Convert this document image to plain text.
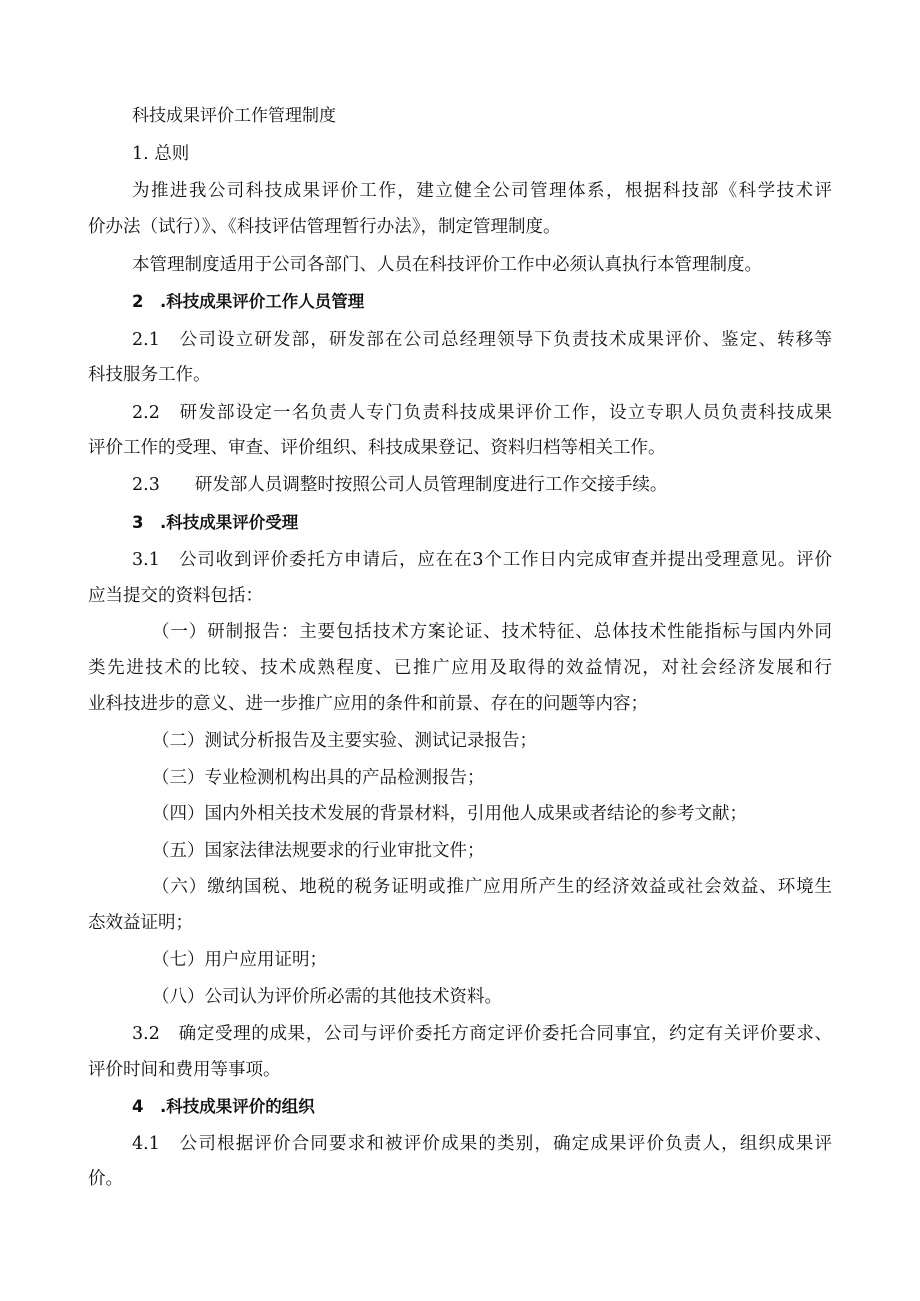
科技成果评价工作管理制度
1. 总则
为推进我公司科技成果评价工作，建立健全公司管理体系，根据科技部《科学技术评
价办法（试行）》、《科技评估管理暂行办法》，制定管理制度。
本管理制度适用于公司各部门、人员在科技评价工作中必须认真执行本管理制度。
2　.科技成果评价工作人员管理
2.1　公司设立研发部，研发部在公司总经理领导下负责技术成果评价、鉴定、转移等
科技服务工作。
2.2　研发部设定一名负责人专门负责科技成果评价工作，设立专职人员负责科技成果
评价工作的受理、审查、评价组织、科技成果登记、资料归档等相关工作。
2.3　　研发部人员调整时按照公司人员管理制度进行工作交接手续。
3　.科技成果评价受理
3.1　公司收到评价委托方申请后，应在在3个工作日内完成审查并提出受理意见。评价
应当提交的资料包括：
（一）研制报告：主要包括技术方案论证、技术特征、总体技术性能指标与国内外同
类先进技术的比较、技术成熟程度、已推广应用及取得的效益情况，对社会经济发展和行
业科技进步的意义、进一步推广应用的条件和前景、存在的问题等内容；
（二）测试分析报告及主要实验、测试记录报告；
（三）专业检测机构出具的产品检测报告；
（四）国内外相关技术发展的背景材料，引用他人成果或者结论的参考文献；
（五）国家法律法规要求的行业审批文件；
（六）缴纳国税、地税的税务证明或推广应用所产生的经济效益或社会效益、环境生
态效益证明；
（七）用户应用证明；
（八）公司认为评价所必需的其他技术资料。
3.2　确定受理的成果，公司与评价委托方商定评价委托合同事宜，约定有关评价要求、
评价时间和费用等事项。
4　.科技成果评价的组织
4.1　公司根据评价合同要求和被评价成果的类别，确定成果评价负责人，组织成果评
价。
